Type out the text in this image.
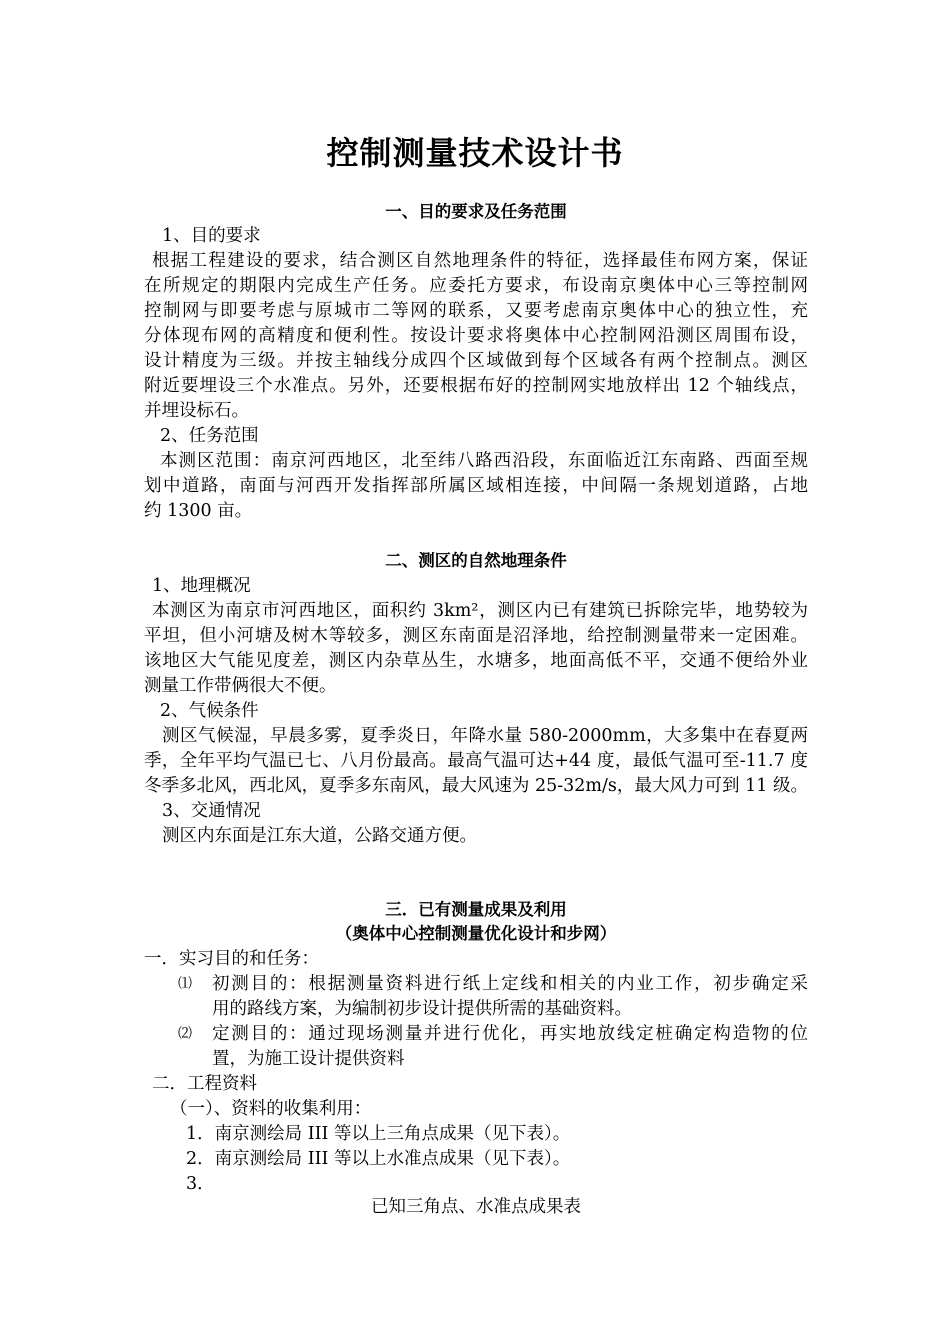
控制测量技术设计书
一、目的要求及任务范围
1、目的要求
根据工程建设的要求，结合测区自然地理条件的特征，选择最佳布网方案，保证
在所规定的期限内完成生产任务。应委托方要求，布设南京奥体中心三等控制网
控制网与即要考虑与原城市二等网的联系，又要考虑南京奥体中心的独立性，充
分体现布网的高精度和便利性。按设计要求将奥体中心控制网沿测区周围布设，
设计精度为三级。并按主轴线分成四个区域做到每个区域各有两个控制点。测区
附近要埋设三个水准点。另外，还要根据布好的控制网实地放样出 12 个轴线点，
并埋设标石。
2、任务范围
本测区范围：南京河西地区，北至纬八路西沿段，东面临近江东南路、西面至规
划中道路，南面与河西开发指挥部所属区域相连接，中间隔一条规划道路，占地
约 1300 亩。
二、测区的自然地理条件
1、地理概况
本测区为南京市河西地区，面积约 3km²，测区内已有建筑已拆除完毕，地势较为
平坦，但小河塘及树木等较多，测区东南面是沼泽地，给控制测量带来一定困难。
该地区大气能见度差，测区内杂草丛生，水塘多，地面高低不平，交通不便给外业
测量工作带俩很大不便。
2、气候条件
测区气候湿，早晨多雾，夏季炎日，年降水量 580-2000mm，大多集中在春夏两
季，全年平均气温已七、八月份最高。最高气温可达+44 度，最低气温可至-11.7 度
冬季多北风，西北风，夏季多东南风，最大风速为 25-32m/s，最大风力可到 11 级。
3、交通情况
测区内东面是江东大道，公路交通方便。
三．已有测量成果及利用
（奥体中心控制测量优化设计和步网）
一．实习目的和任务：
⑴ 初测目的：根据测量资料进行纸上定线和相关的内业工作，初步确定采
用的路线方案，为编制初步设计提供所需的基础资料。
⑵ 定测目的：通过现场测量并进行优化，再实地放线定桩确定构造物的位
置，为施工设计提供资料
二．工程资料
（一）、资料的收集利用：
1．南京测绘局 III 等以上三角点成果（见下表）。
2．南京测绘局 III 等以上水准点成果（见下表）。
3．
已知三角点、水准点成果表
